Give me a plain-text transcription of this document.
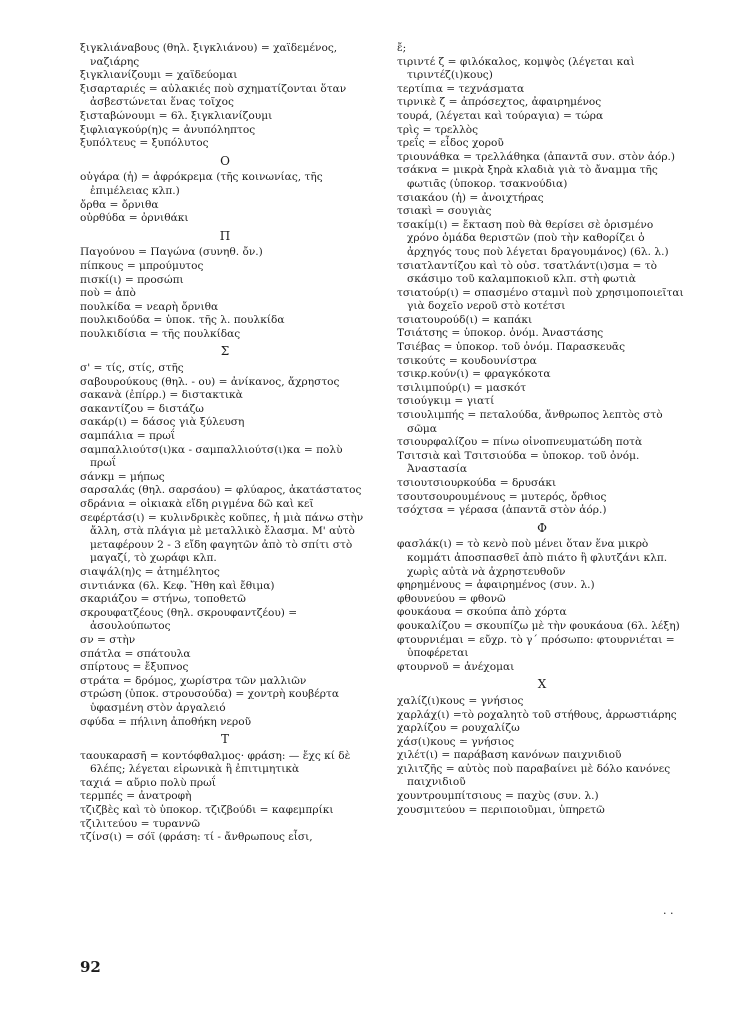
ξιγκλιάναβους (θηλ. ξιγκλιάνου) = χαϊδεμένος, ναζιάρης
ξιγκλιανίζουμι = χαϊδεύομαι
ξισαρταριές = αὐλακιές ποὺ σχηματίζονται ὅταν ἀσβεστώνεται ἕνας τοῖχος
ξισταβώνουμι = 6λ. ξιγκλιανίζουμι
ξιφλιαγκούρ(η)ς = ἀνυπόληπτος
ξυπόλτευς = ξυπόλυτος
Ο
οὐγάρα (ἡ) = ἀφρόκρεμα (τῆς κοινωνίας, τῆς ἐπιμέλειας κλπ.)
ὄρθα = ὄρνιθα
οὐρθύδα = ὀρνιθάκι
Π
Παγούνου = Παγώνα (συνηθ. ὄν.)
πίπκους = μπρούμυτος
πισκί(ι) = προσώπι
ποὺ = ἀπὸ
πουλκίδα = νεαρὴ ὄρνιθα
πουλκιδούδα = ὑποκ. τῆς λ. πουλκίδα
πουλκιδίσια = τῆς πουλκίδας
Σ
σ' = τίς, στίς, στῆς
σαβουρούκους (θηλ. - ου) = ἀνίκανος, ἄχρηστος
σακανὰ (ἐπίρρ.) = διστακτικὰ
σακαντίζου = διστάζω
σακάρ(ι) = δάσος γιὰ ξύλευση
σαμπάλια = πρωΐ
σαμπαλλιούτσ(ι)κα - σαμπαλλιούτσ(ι)κα = πολὺ πρωΐ
σάνκμ = μήπως
σαρσαλάς (θηλ. σαρσάου) = φλύαρος, ἀκατάστατος
σδράνια = οἰκιακὰ εἴδη ριγμένα δῶ καὶ κεῖ
σεφέρτάσ(ι) = κυλινδρικὲς κοῦπες, ἡ μιὰ πάνω στὴν ἄλλη, στὰ πλάγια μὲ μεταλλικὸ ἔλασμα. Μ' αὐτὸ μεταφέρουν 2 - 3 εἴδη φαγητῶν ἀπὸ τὸ σπίτι στὸ μαγαζί, τὸ χωράφι κλπ.
σιαψάλ(η)ς = ἀτημέλητος
σιντιάνκα (6λ. Κεφ. Ἤθη καὶ ἔθιμα)
σκαριάζου = στήνω, τοποθετῶ
σκρουφατζέους (θηλ. σκρουφαντζέου) = ἀσουλούπωτος
σν = στὴν
σπάτλα = σπάτουλα
σπίρτους = ἔξυπνος
στράτα = δρόμος, χωρίστρα τῶν μαλλιῶν
στρώση (ὑποκ. στρουσούδα) = χοντρὴ κουβέρτα ὑφασμένη στὸν ἀργαλειό
σφύδα = πήλινη ἀποθήκη νεροῦ
Τ
ταουκαρασῆ = κοντόφθαλμος· φράση: — ἔχς κί δὲ 6λέπς; λέγεται εἰρωνικὰ ἢ ἐπιτιμητικὰ
ταχιά = αὔριο πολὺ πρωΐ
τερμπές = ἀνατροφὴ
τζιζβὲς καὶ τὸ ὑποκορ. τζιζβούδι = καφεμπρίκι
τζιλιτεύου = τυραννῶ
τζίνσ(ι) = σόϊ (φράση: τί - ἄνθρωπους εἶσι,
ἔ;
τιριντέ ζ = φιλόκαλος, κομψὸς (λέγεται καὶ τιριντέζ(ι)κους)
τερτίπια = τεχνάσματα
τιρνικὲ ζ = ἀπρόσεχτος, ἀφαιρημένος
τουρά, (λέγεται καὶ τούραγια) = τώρα
τρὶς = τρελλὸς
τρεΐς = εἶδος χοροῦ
τριουνάθκα = τρελλάθηκα (ἀπαντᾶ συν. στὸν ἀόρ.)
τσάκνα = μικρὰ ξηρὰ κλαδιὰ γιὰ τὸ ἄναμμα τῆς φωτιᾶς (ὑποκορ. τσακνούδια)
τσιακάου (ἡ) = ἀνοιχτήρας
τσιακὶ = σουγιὰς
τσακίμ(ι) = ἔκταση ποὺ θὰ θερίσει σὲ ὁρισμένο χρόνο ὁμάδα θεριστῶν (ποὺ τὴν καθορίζει ὁ ἀρχηγός τους ποὺ λέγεται δραγουμάνος) (6λ. λ.)
τσιατλαντίζου καὶ τὸ οὐσ. τσατλάντ(ι)σμα = τὸ σκάσιμο τοῦ καλαμποκιοῦ κλπ. στὴ φωτιὰ
τσιατούρ(ι) = σπασμένο σταμνὶ ποὺ χρησιμοποιεῖται γιὰ δοχεῖο νεροῦ στὸ κοτέτσι
τσιατουρούδ(ι) = καπάκι
Τσιάτσης = ὑποκορ. ὀνόμ. Ἀναστάσης
Τσιέβας = ὑποκορ. τοῦ ὀνόμ. Παρασκευᾶς
τσικούτς = κουδουνίστρα
τσικρ.κούν(ι) = φραγκόκοτα
τσιλιμπούρ(ι) = μασκότ
τσιούγκιμ = γιατί
τσιουλιμπής = πεταλούδα, ἄνθρωπος λεπτὸς στὸ σῶμα
τσιουρφαλίζου = πίνω οἰνοπνευματώδη ποτὰ
Τσιτσιὰ καὶ Τσιτσιούδα = ὑποκορ. τοῦ ὀνόμ. Ἀναστασία
τσιουτσιουρκούδα = δρυσάκι
τσουτσουρουμένους = μυτερός, ὄρθιος
τσόχτσα = γέρασα (ἀπαντᾶ στὸν ἀόρ.)
Φ
φασλάκ(ι) = τὸ κενὸ ποὺ μένει ὅταν ἕνα μικρὸ κομμάτι ἀποσπασθεῖ ἀπὸ πιάτο ἢ φλυτζάνι κλπ. χωρὶς αὐτὰ νὰ ἀχρηστευθοῦν
φηρημένους = ἀφαιρημένος (συν. λ.)
φθουνεύου = φθονῶ
φουκάουα = σκούπα ἀπὸ χόρτα
φουκαλίζου = σκουπίζω μὲ τὴν φουκάουα (6λ. λέξη)
φτουρνιέμαι = εὔχρ. τὸ γ΄ πρόσωπο: φτουρνιέται = ὑποφέρεται
φτουρνοῦ = ἀνέχομαι
Χ
χαλίζ(ι)κους = γνήσιος
χαρλάχ(ι) =τὸ ροχαλητὸ τοῦ στήθους, ἀρρωστιάρης
χαρλίζου = ρουχαλίζω
χάσ(ι)κους = γνήσιος
χιλέτ(ι) = παράβαση κανόνων παιχνιδιοῦ
χιλιτζῆς = αὐτὸς ποὺ παραβαίνει μὲ δόλο κανόνες παιχνιδιοῦ
χουντρουμπίτσιους = παχὺς (συν. λ.)
χουσμιτεύου = περιποιοῦμαι, ὑπηρετῶ
. .
92
